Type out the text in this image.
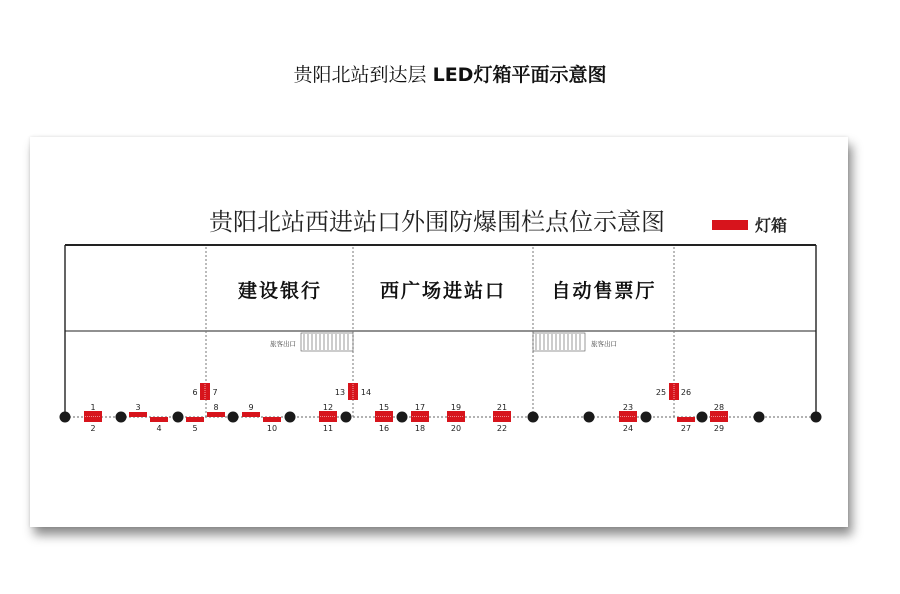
贵阳北站到达层 LED灯箱平面示意图
贵阳北站西进站口外围防爆围栏点位示意图	灯箱
建设银行	西广场进站口 自动售票厅
旅客出口	旅客出口
1
2
3
4	5
6 7
8	9
10	11
12
13 14
15
16
17
18
19
20
21
22
23
24
25 26
27
28
29
